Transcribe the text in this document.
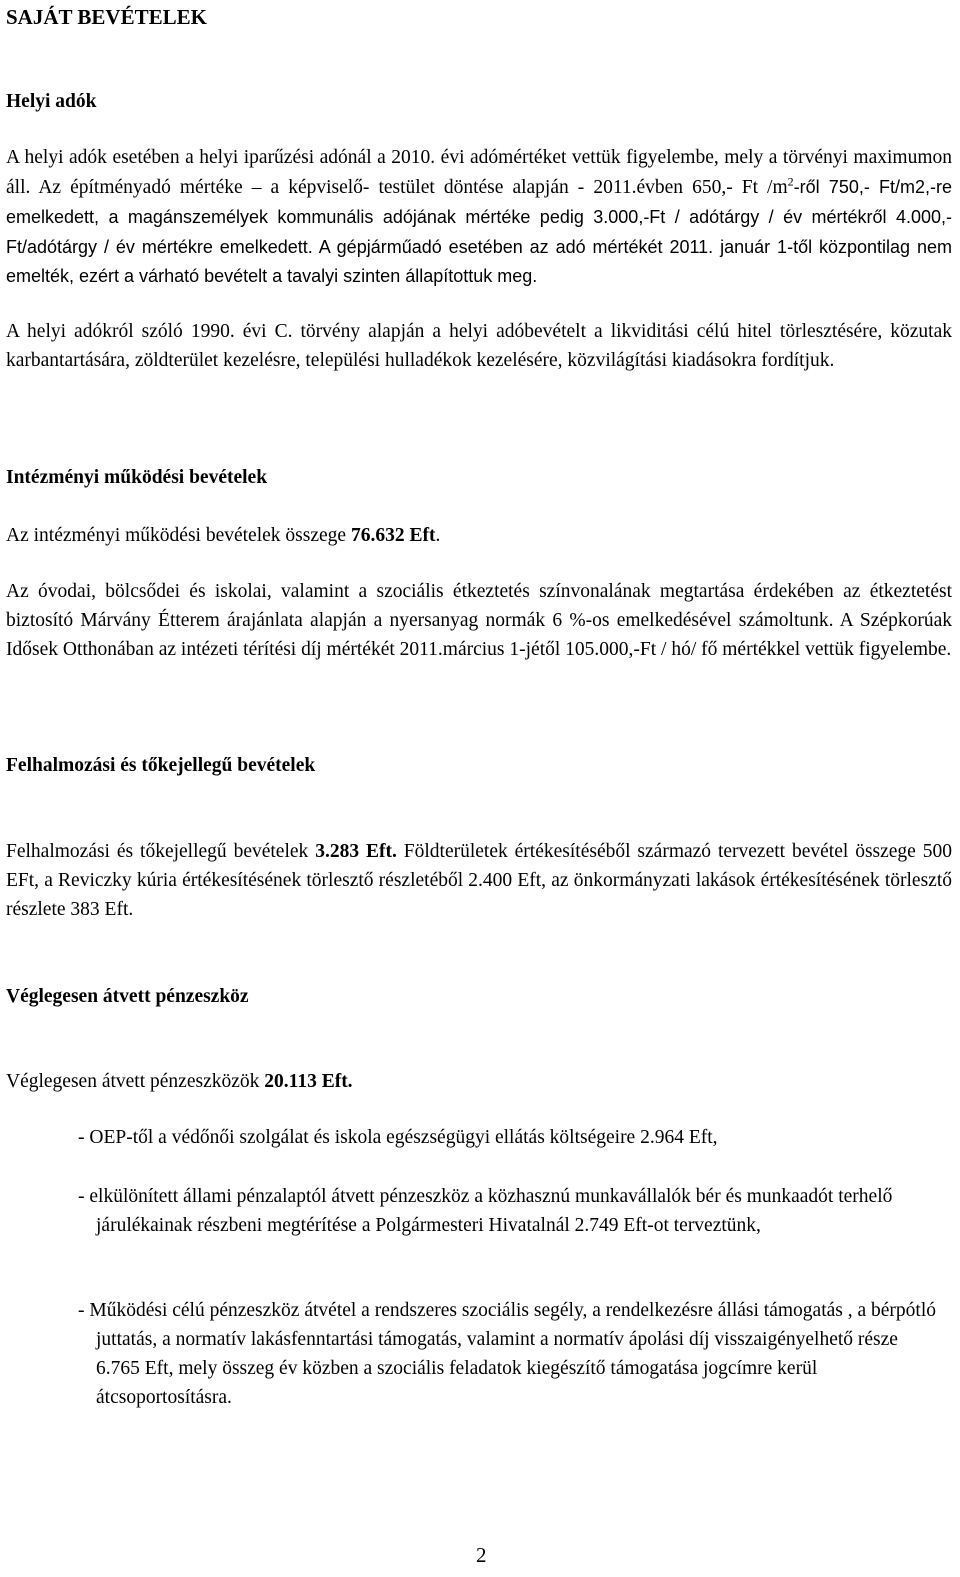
SAJÁT BEVÉTELEK
Helyi adók

A helyi adók esetében a helyi iparűzési adónál a 2010. évi adómértéket vettük figyelembe, mely a törvényi maximumon áll. Az építményadó mértéke – a képviselő- testület döntése alapján - 2011.évben 650,- Ft $/m^2$-ről 750,- Ft/m2,-re emelkedett, a magánszemélyek kommunális adójának mértéke pedig 3.000,-Ft / adótárgy / év mértékről 4.000,-Ft/adótárgy / év mértékre emelkedett. A gépjárműadó esetében az adó mértékét 2011. január 1-től központilag nem emelték, ezért a várható bevételt a tavalyi szinten állapítottuk meg.

A helyi adókról szóló 1990. évi C. törvény alapján a helyi adóbevételt a likviditási célú hitel törlesztésére, közutak karbantartására, zöldterület kezelésre, települési hulladékok kezelésére, közvilágítási kiadásokra fordítjuk.

Intézményi működési bevételek

Az intézményi működési bevételek összege 76.632 Eft.

Az óvodai, bölcsődei és iskolai, valamint a szociális étkeztetés színvonalának megtartása érdekében az étkeztetést biztosító Márvány Étterem árajánlata alapján a nyersanyag normák 6 %-os emelkedésével számoltunk. A Szépkorúak Idősek Otthonában az intézeti térítési díj mértékét 2011.március 1-jétől 105.000,-Ft / hó/ fő mértékkel vettük figyelembe.

Felhalmozási és tőkejellegű bevételek

Felhalmozási és tőkejellegű bevételek 3.283 Eft. Földterületek értékesítéséből származó tervezett bevétel összege 500 EFt, a Reviczky kúria értékesítésének törlesztő részletéből 2.400 Eft, az önkormányzati lakások értékesítésének törlesztő részlete 383 Eft.

Véglegesen átvett pénzeszköz

Véglegesen átvett pénzeszközök 20.113 Eft.

- OEP-től a védőnői szolgálat és iskola egészségügyi ellátás költségeire 2.964 Eft,

- elkülönített állami pénzalaptól átvett pénzeszköz a közhasznú munkavállalók bér és munkaadót terhelő járulékainak részbeni megtérítése a Polgármesteri Hivatalnál 2.749 Eft-ot terveztünk,

- Működési célú pénzeszköz átvétel a rendszeres szociális segély, a rendelkezésre állási támogatás , a bérpótló juttatás, a normatív lakásfenntartási támogatás, valamint a normatív ápolási díj visszaigényelhető része 6.765 Eft, mely összeg év közben a szociális feladatok kiegészítő támogatása jogcímre kerül átcsoportosításra.

2
